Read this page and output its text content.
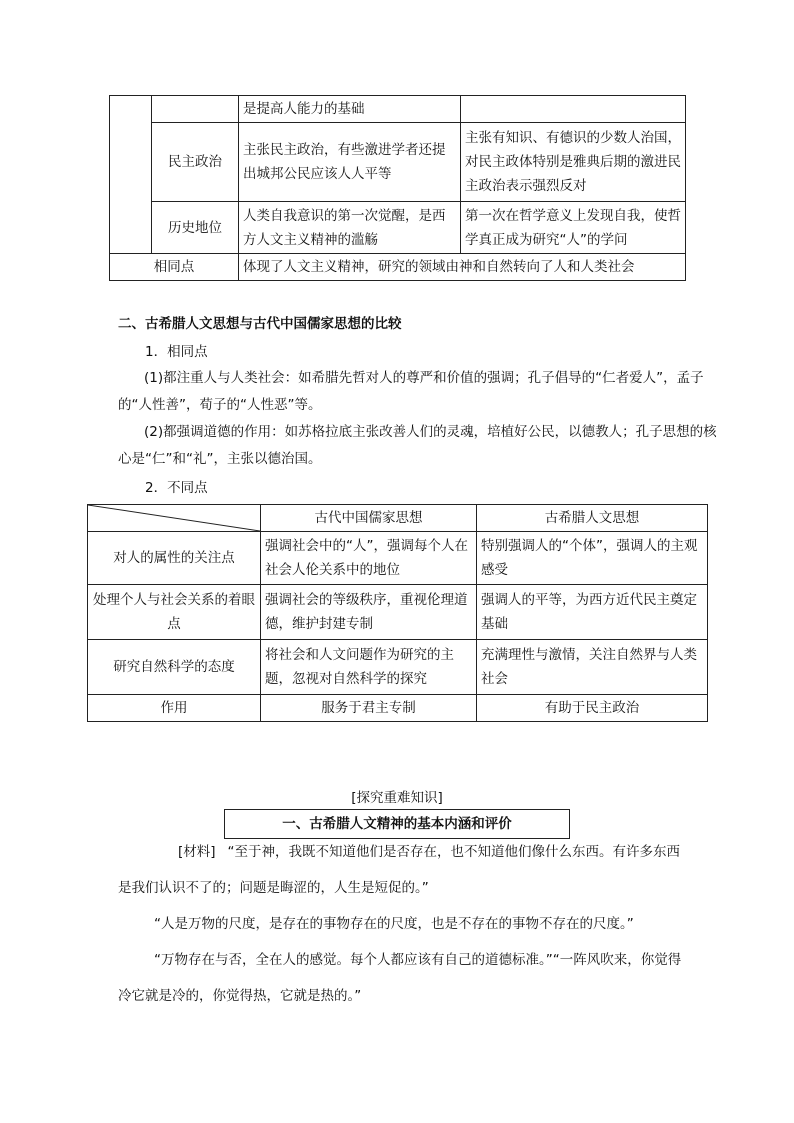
		是提高人能力的基础	
	民主政治	主张民主政治，有些激进学者还提出城邦公民应该人人平等	主张有知识、有德识的少数人治国，对民主政体特别是雅典后期的激进民主政治表示强烈反对
	历史地位	人类自我意识的第一次觉醒，是西方人文主义精神的滥觞	第一次在哲学意义上发现自我，使哲学真正成为研究“人”的学问
相同点		体现了人文主义精神，研究的领域由神和自然转向了人和人类社会	
二、古希腊人文思想与古代中国儒家思想的比较
1．相同点
(1)都注重人与人类社会：如希腊先哲对人的尊严和价值的强调；孔子倡导的“仁者爱人”，孟子的“人性善”，荀子的“人性恶”等。
(2)都强调道德的作用：如苏格拉底主张改善人们的灵魂，培植好公民，以德教人；孔子思想的核心是“仁”和“礼”，主张以德治国。
2．不同点
	古代中国儒家思想	古希腊人文思想
对人的属性的关注点	强调社会中的“人”，强调每个人在社会人伦关系中的地位	特别强调人的“个体”，强调人的主观感受
处理个人与社会关系的着眼点	强调社会的等级秩序，重视伦理道德，维护封建专制	强调人的平等，为西方近代民主奠定基础
研究自然科学的态度	将社会和人文问题作为研究的主题，忽视对自然科学的探究	充满理性与激情，关注自然界与人类社会
作用	服务于君主专制	有助于民主政治
[探究重难知识]
一、古希腊人文精神的基本内涵和评价
[材料] “至于神，我既不知道他们是否存在，也不知道他们像什么东西。有许多东西是我们认识不了的；问题是晦涩的，人生是短促的。”
“人是万物的尺度，是存在的事物存在的尺度，也是不存在的事物不存在的尺度。”
“万物存在与否，全在人的感觉。每个人都应该有自己的道德标准。”“一阵风吹来，你觉得冷它就是冷的，你觉得热，它就是热的。”
